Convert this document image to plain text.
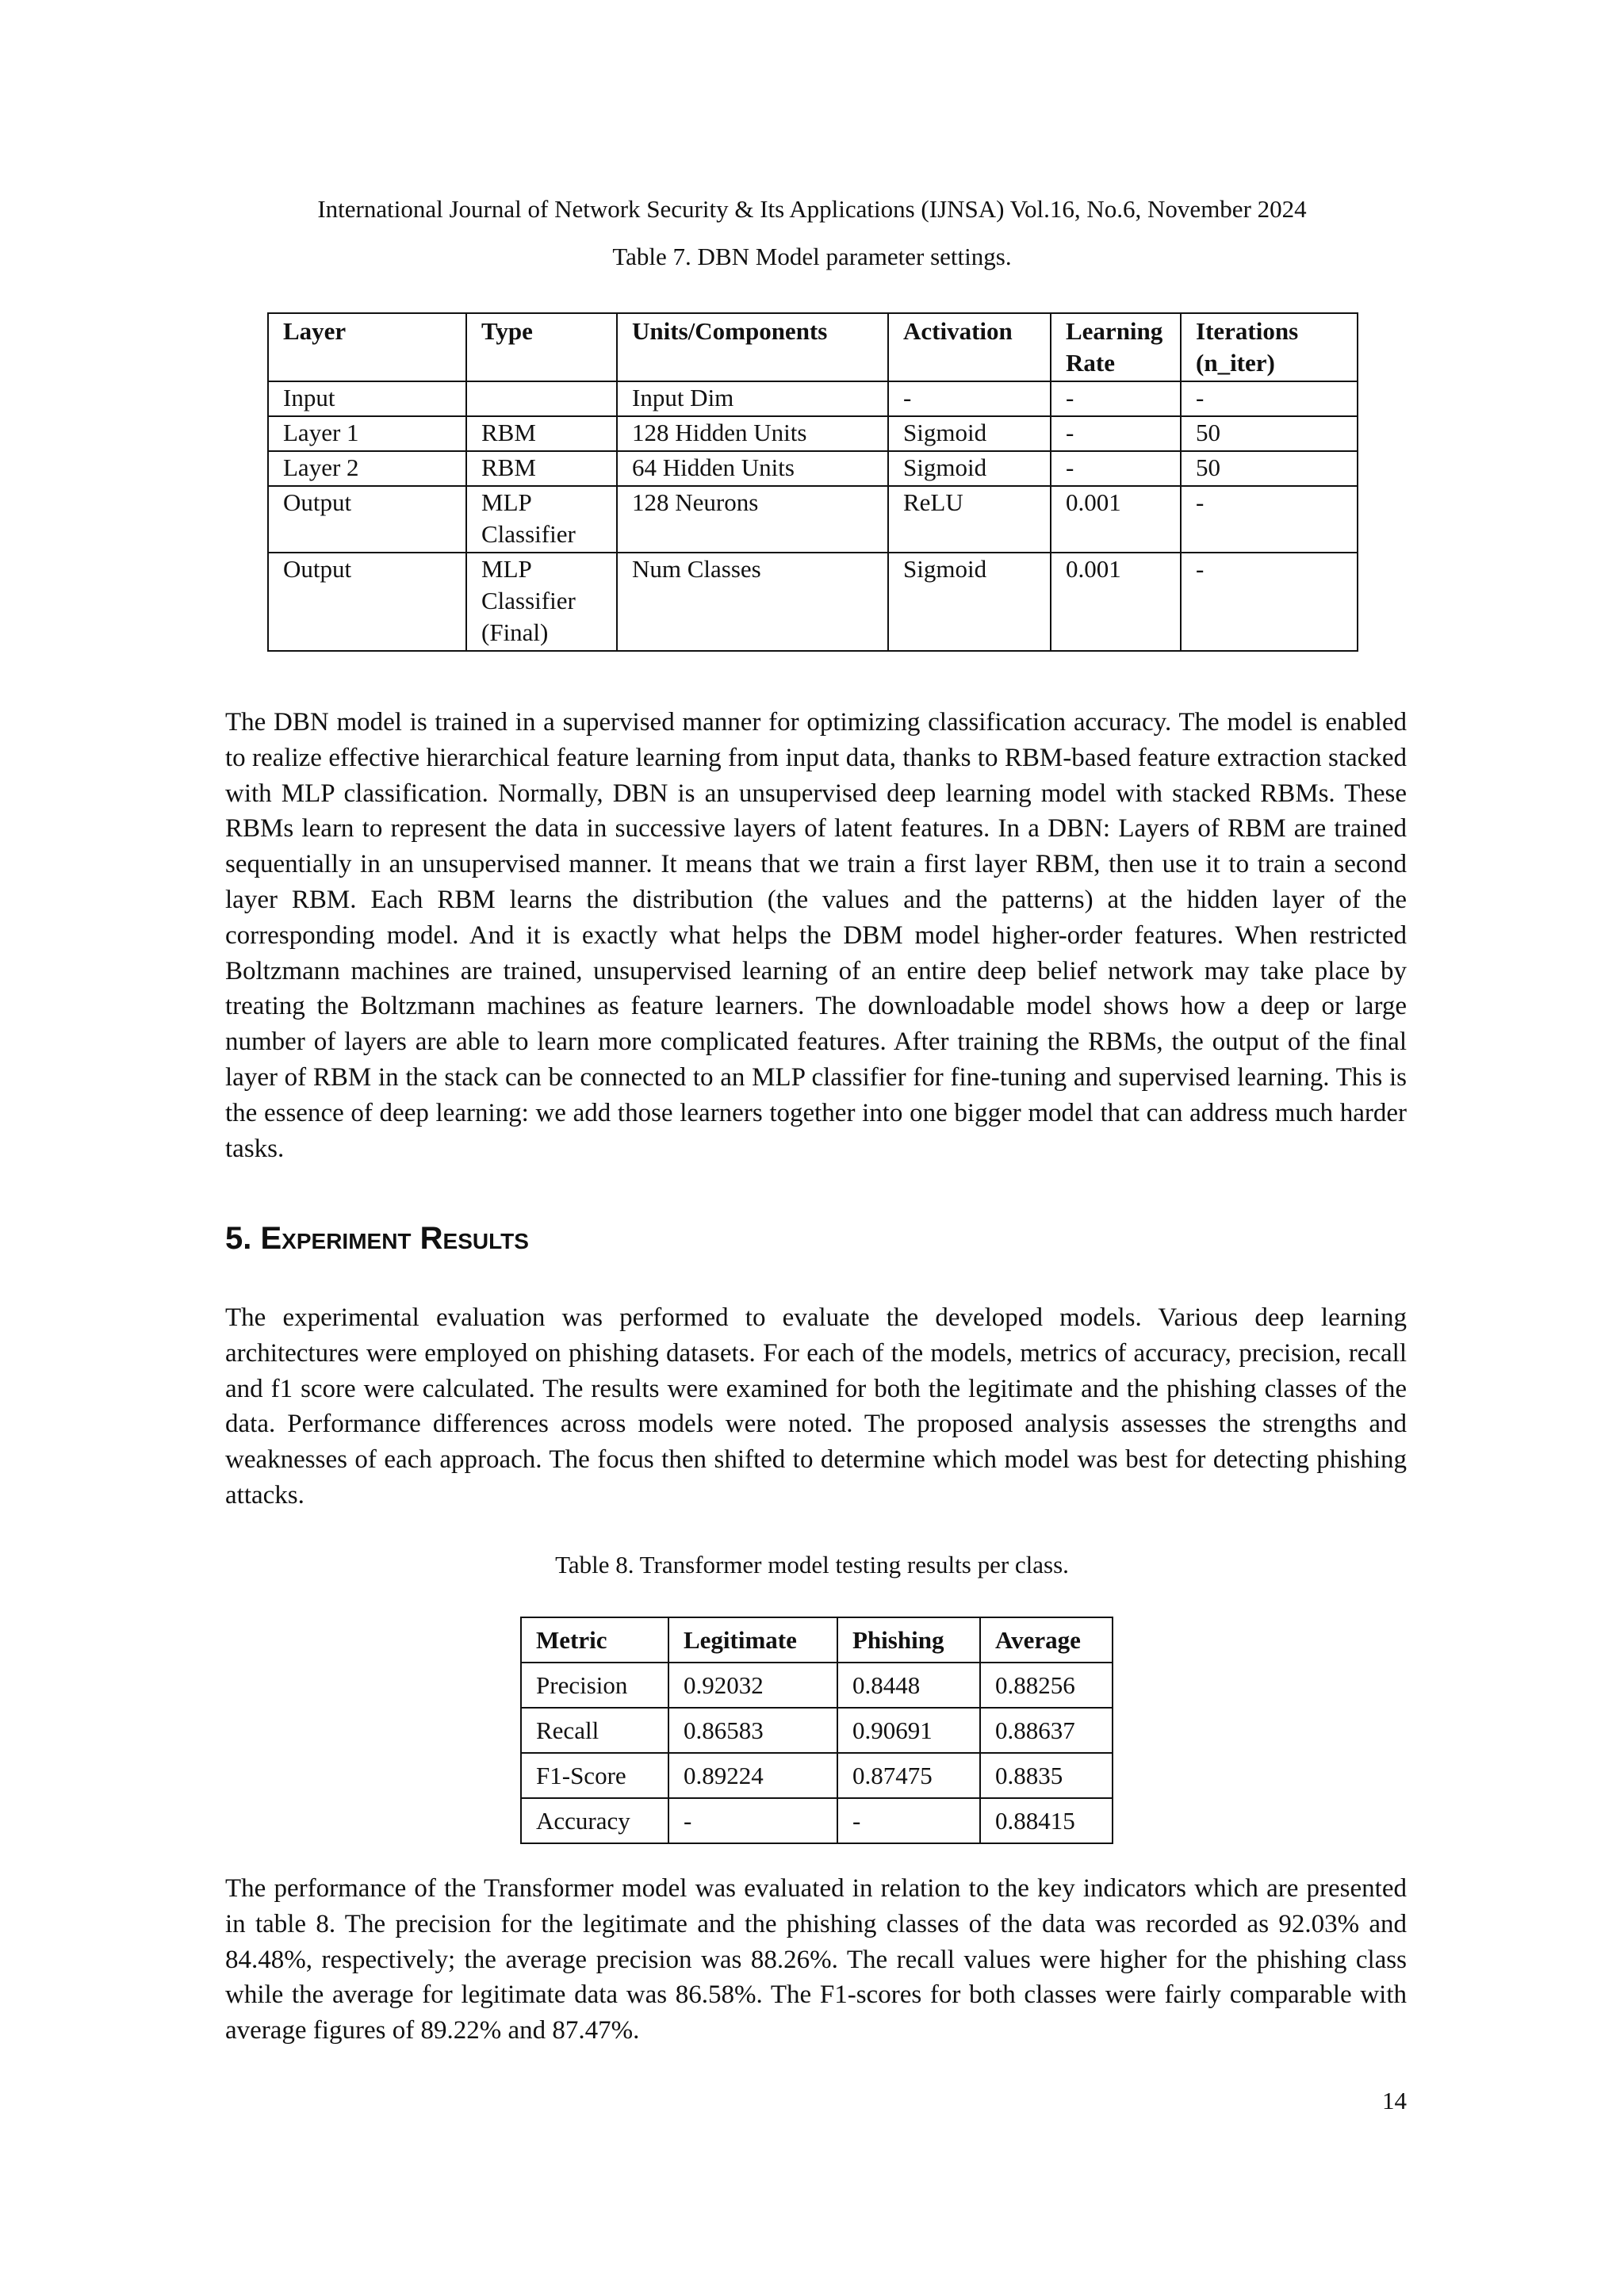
International Journal of Network Security & Its Applications (IJNSA) Vol.16, No.6, November 2024
Table 7. DBN Model parameter settings.
Layer	Type	Units/Components	Activation	Learning Rate	Iterations (n_iter)
Input		Input Dim	-	-	-
Layer 1	RBM	128 Hidden Units	Sigmoid	-	50
Layer 2	RBM	64 Hidden Units	Sigmoid	-	50
Output	MLP Classifier	128 Neurons	ReLU	0.001	-
Output	MLP Classifier (Final)	Num Classes	Sigmoid	0.001	-

The DBN model is trained in a supervised manner for optimizing classification accuracy. The model is enabled to realize effective hierarchical feature learning from input data, thanks to RBM-based feature extraction stacked with MLP classification. Normally, DBN is an unsupervised deep learning model with stacked RBMs. These RBMs learn to represent the data in successive layers of latent features. In a DBN: Layers of RBM are trained sequentially in an unsupervised manner. It means that we train a first layer RBM, then use it to train a second layer RBM. Each RBM learns the distribution (the values and the patterns) at the hidden layer of the corresponding model. And it is exactly what helps the DBM model higher-order features. When restricted Boltzmann machines are trained, unsupervised learning of an entire deep belief network may take place by treating the Boltzmann machines as feature learners. The downloadable model shows how a deep or large number of layers are able to learn more complicated features. After training the RBMs, the output of the final layer of RBM in the stack can be connected to an MLP classifier for fine-tuning and supervised learning. This is the essence of deep learning: we add those learners together into one bigger model that can address much harder tasks.

5. Experiment Results

The experimental evaluation was performed to evaluate the developed models. Various deep learning architectures were employed on phishing datasets. For each of the models, metrics of accuracy, precision, recall and f1 score were calculated. The results were examined for both the legitimate and the phishing classes of the data. Performance differences across models were noted. The proposed analysis assesses the strengths and weaknesses of each approach. The focus then shifted to determine which model was best for detecting phishing attacks.

Table 8. Transformer model testing results per class.
Metric	Legitimate	Phishing	Average
Precision	0.92032	0.8448	0.88256
Recall	0.86583	0.90691	0.88637
F1-Score	0.89224	0.87475	0.8835
Accuracy	-	-	0.88415

The performance of the Transformer model was evaluated in relation to the key indicators which are presented in table 8. The precision for the legitimate and the phishing classes of the data was recorded as 92.03% and 84.48%, respectively; the average precision was 88.26%. The recall values were higher for the phishing class while the average for legitimate data was 86.58%. The F1-scores for both classes were fairly comparable with average figures of 89.22% and 87.47%.

14
